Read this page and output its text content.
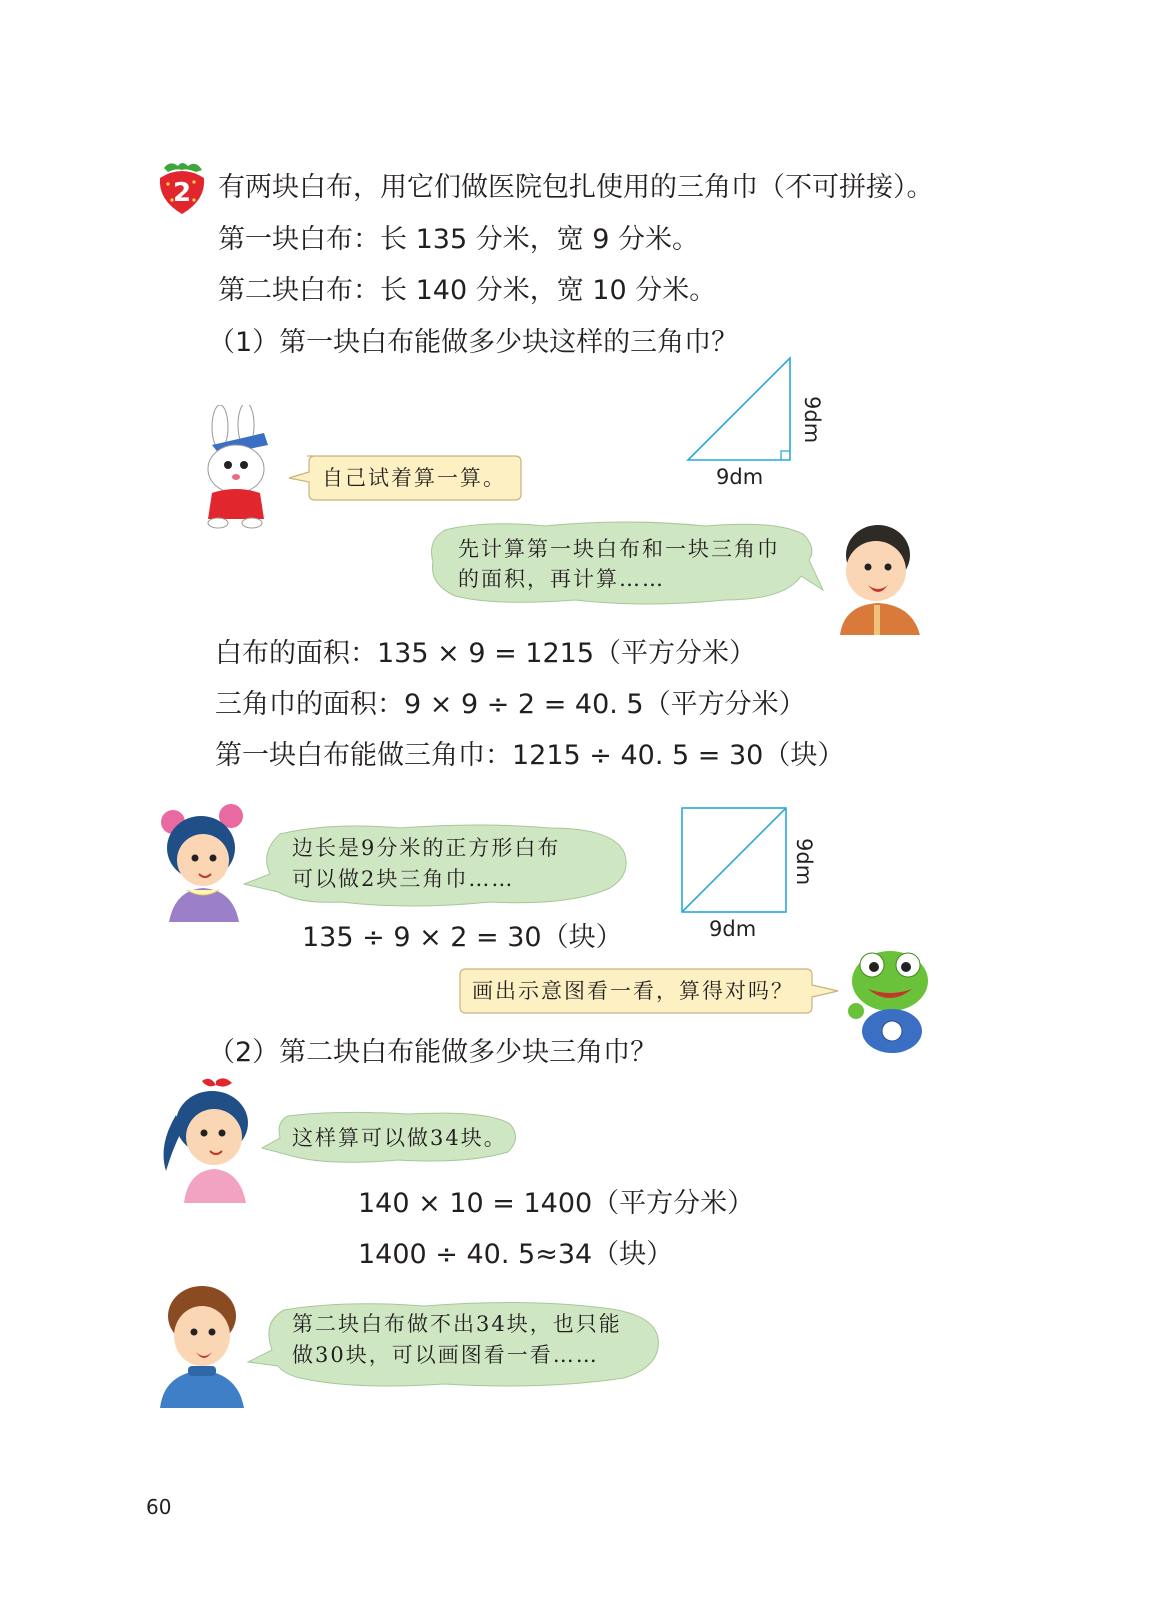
2 有两块白布，用它们做医院包扎使用的三角巾（不可拼接）。
第一块白布：长 135 分米，宽 9 分米。
第二块白布：长 140 分米，宽 10 分米。
（1）第一块白布能做多少块这样的三角巾？
9dm
9dm
自己试着算一算。
先计算第一块白布和一块三角巾
的面积，再计算……
白布的面积：135 × 9 = 1215（平方分米）
三角巾的面积：9 × 9 ÷ 2 = 40. 5（平方分米）
第一块白布能做三角巾：1215 ÷ 40. 5 = 30（块）
边长是9分米的正方形白布
可以做2块三角巾……
9dm
9dm
135 ÷ 9 × 2 = 30（块）
画出示意图看一看，算得对吗？
（2）第二块白布能做多少块三角巾？
这样算可以做34块。
140 × 10 = 1400（平方分米）
1400 ÷ 40. 5≈34（块）
第二块白布做不出34块，也只能
做30块，可以画图看一看……
60
